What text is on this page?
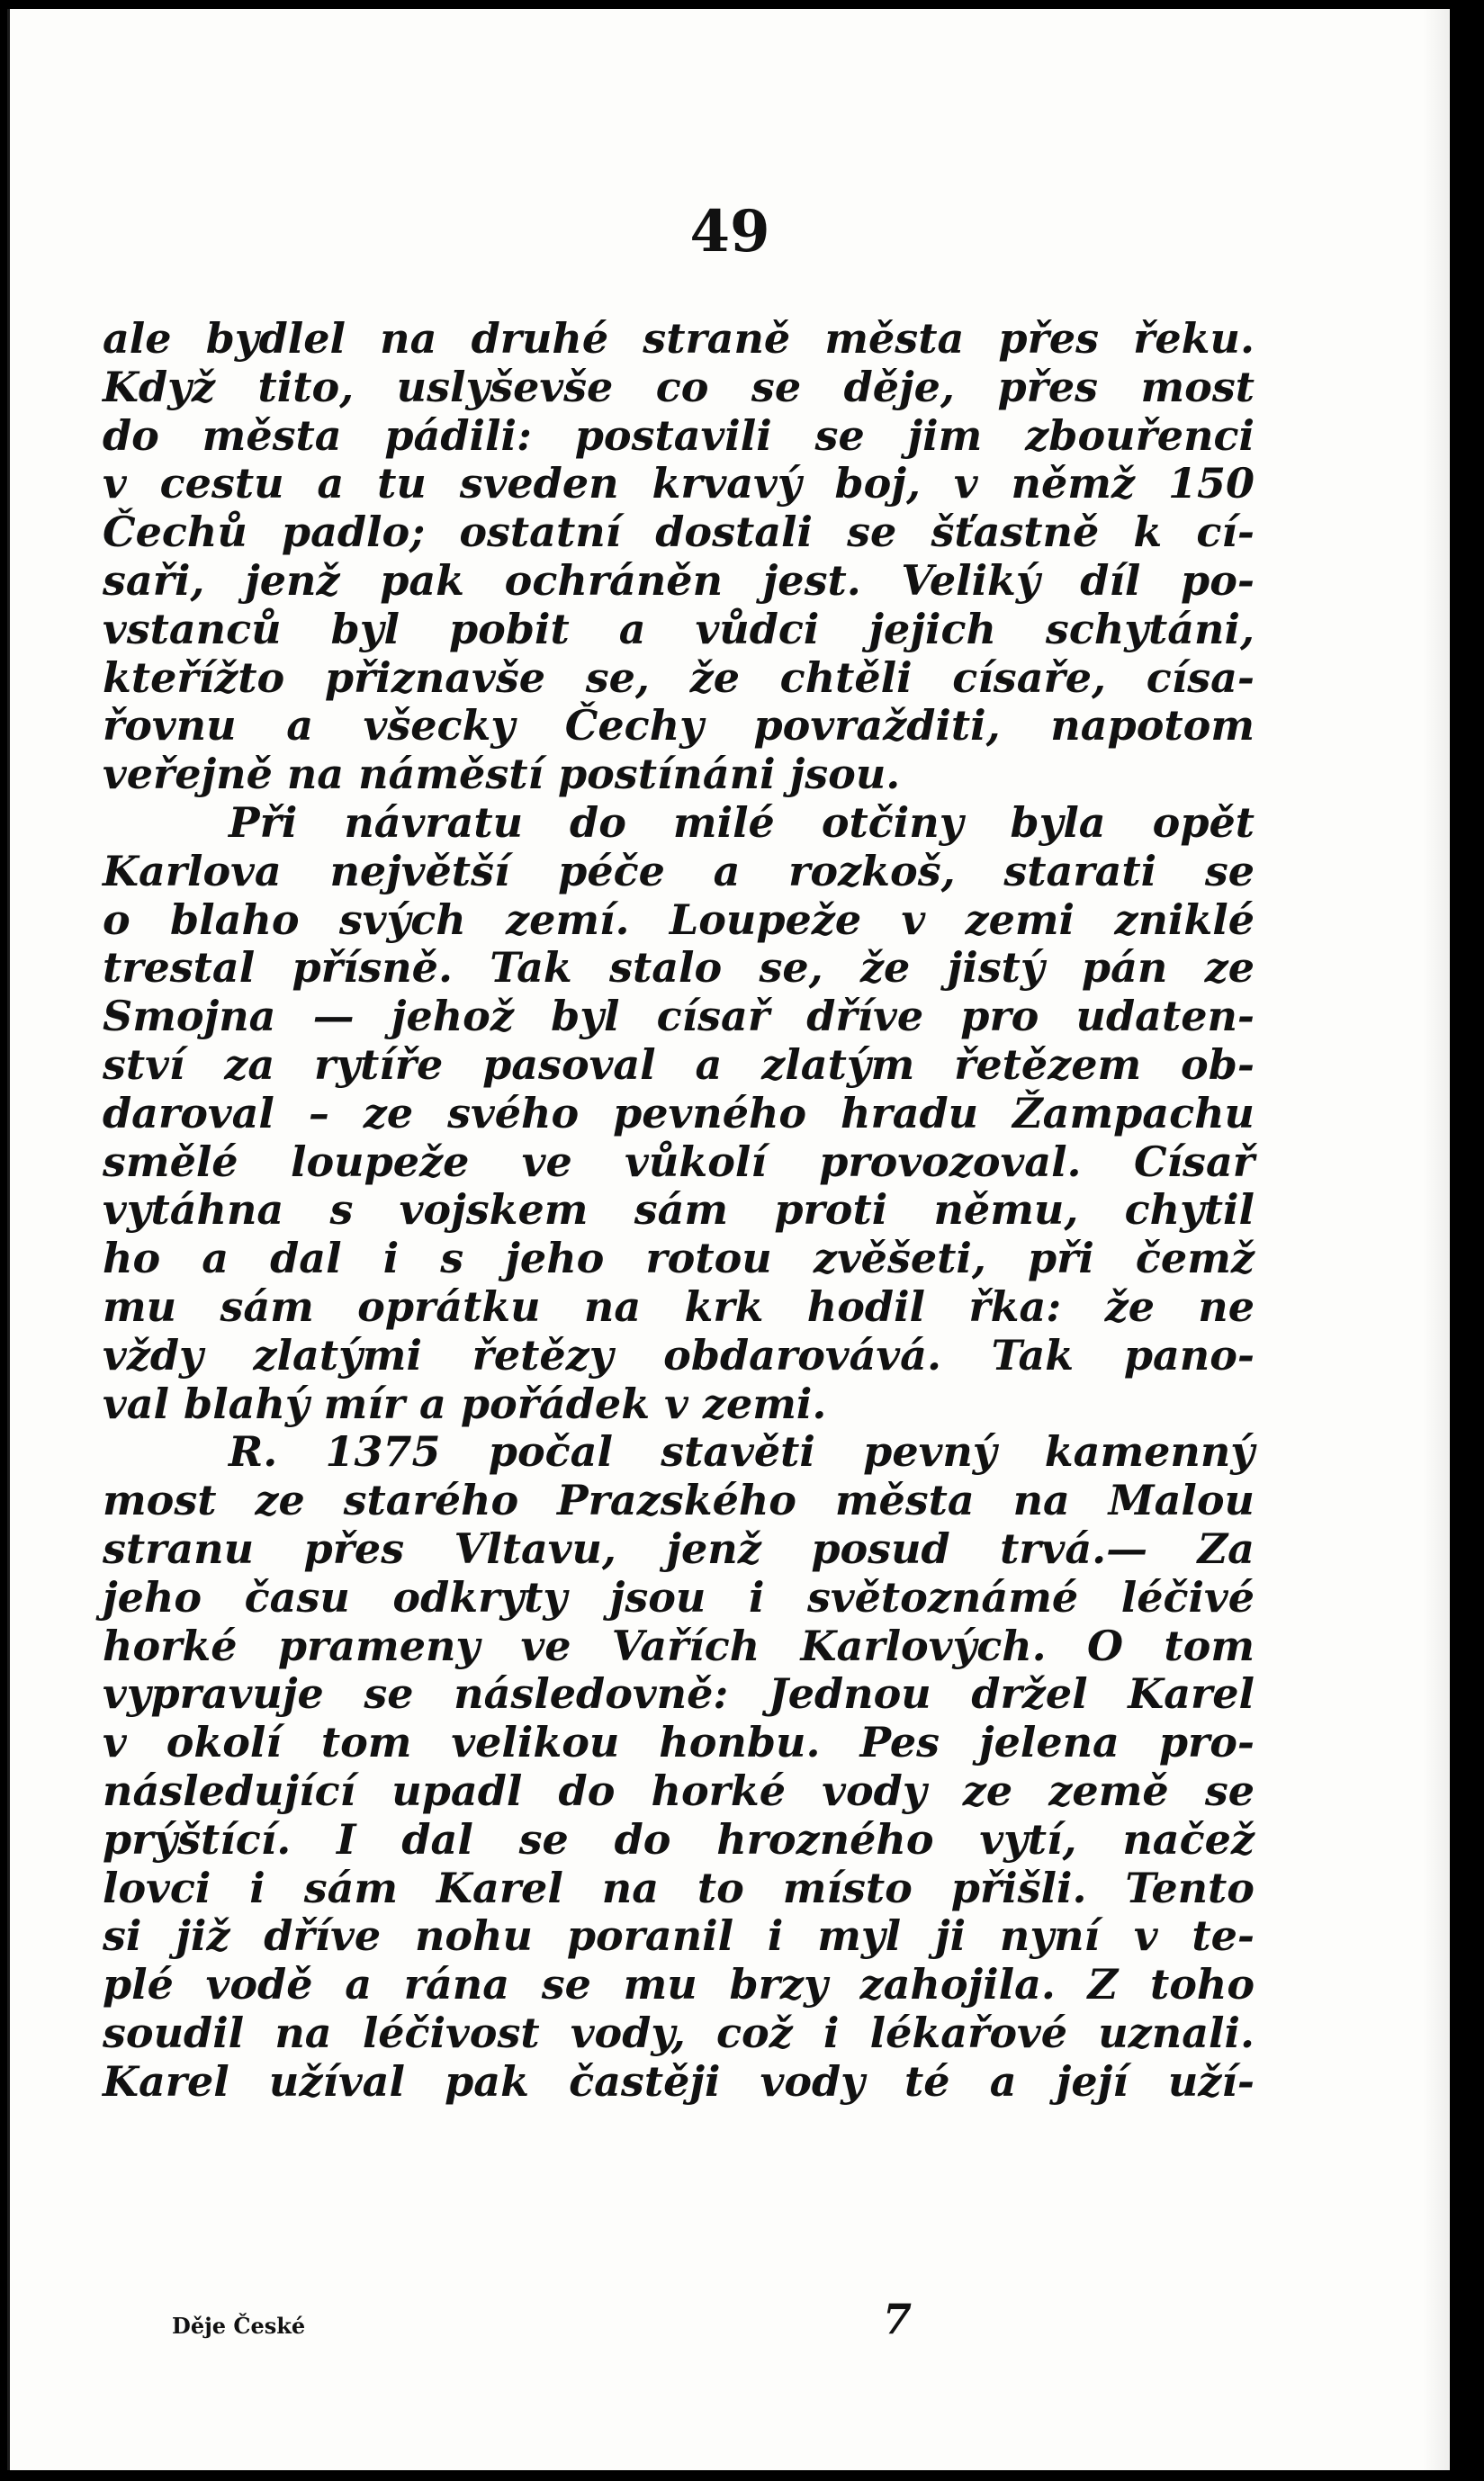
49
ale bydlel na druhé straně města přes řeku.
Když tito, uslyševše co se děje, přes most
do města pádili: postavili se jim zbouřenci
v cestu a tu sveden krvavý boj, v němž 150
Čechů padlo; ostatní dostali se šťastně k cí-
saři, jenž pak ochráněn jest. Veliký díl po-
vstanců byl pobit a vůdci jejich schytáni,
kteřížto přiznavše se, že chtěli císaře, císa-
řovnu a všecky Čechy povražditi, napotom
veřejně na náměstí postínáni jsou.
Při návratu do milé otčiny byla opět
Karlova největší péče a rozkoš, starati se
o blaho svých zemí. Loupeže v zemi zniklé
trestal přísně. Tak stalo se, že jistý pán ze
Smojna — jehož byl císař dříve pro udaten-
ství za rytíře pasoval a zlatým řetězem ob-
daroval – ze svého pevného hradu Žampachu
smělé loupeže ve vůkolí provozoval. Císař
vytáhna s vojskem sám proti němu, chytil
ho a dal i s jeho rotou zvěšeti, při čemž
mu sám oprátku na krk hodil řka: že ne
vždy zlatými řetězy obdarovává. Tak pano-
val blahý mír a pořádek v zemi.
R. 1375 počal stavěti pevný kamenný
most ze starého Prazského města na Malou
stranu přes Vltavu, jenž posud trvá.— Za
jeho času odkryty jsou i světoznámé léčivé
horké prameny ve Vařích Karlových. O tom
vypravuje se následovně: Jednou držel Karel
v okolí tom velikou honbu. Pes jelena pro-
následující upadl do horké vody ze země se
prýštící. I dal se do hrozného vytí, načež
lovci i sám Karel na to místo přišli. Tento
si již dříve nohu poranil i myl ji nyní v te-
plé vodě a rána se mu brzy zahojila. Z toho
soudil na léčivost vody, což i lékařové uznali.
Karel užíval pak častěji vody té a její uží-
Děje České	7
